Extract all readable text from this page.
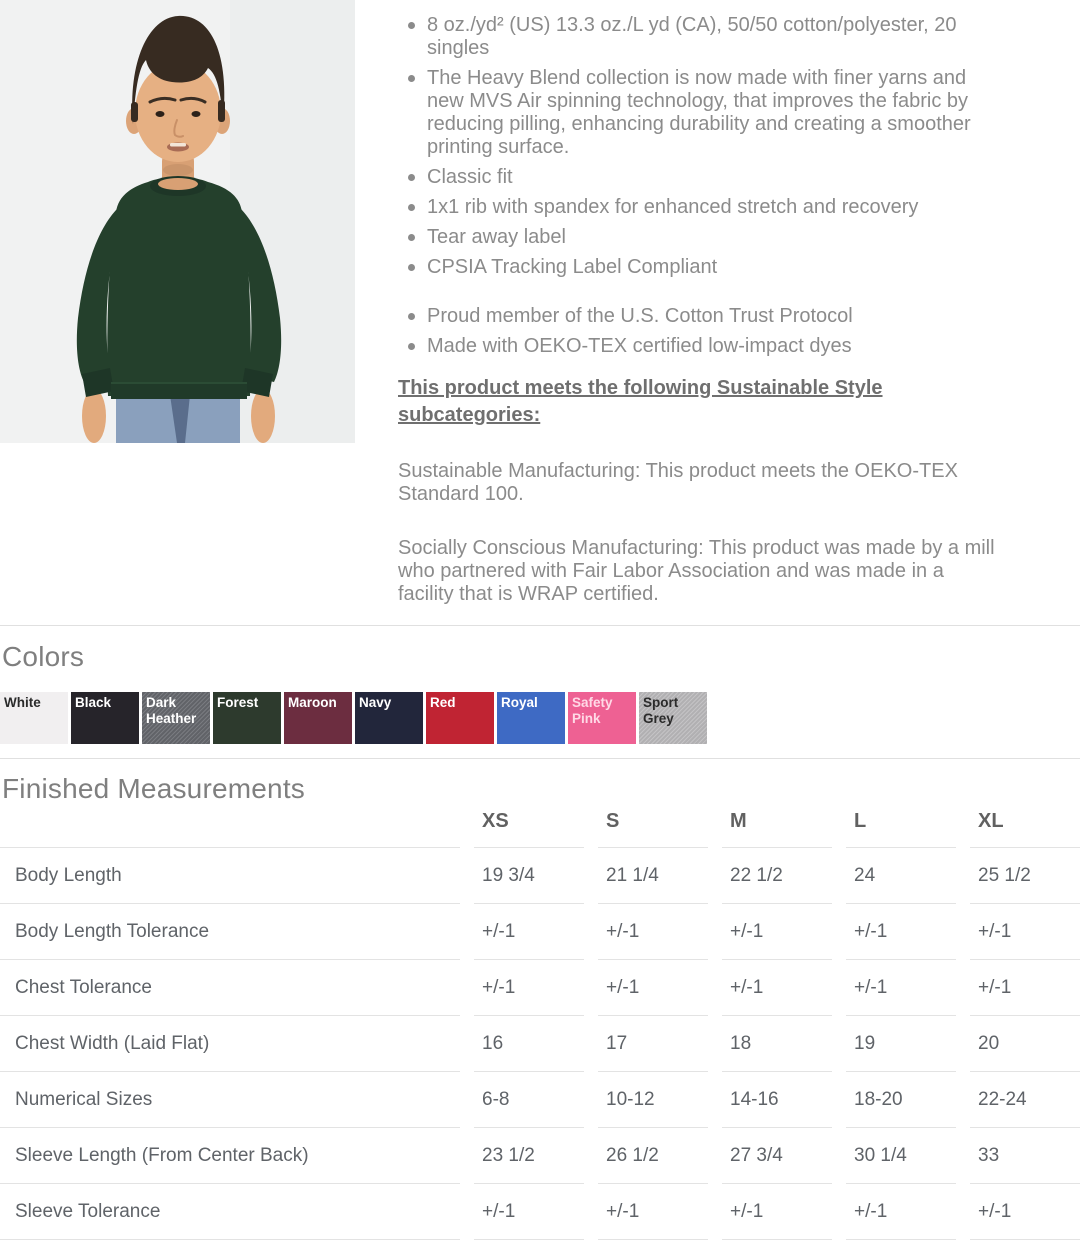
8 oz./yd² (US) 13.3 oz./L yd (CA), 50/50 cotton/polyester, 20 singles
The Heavy Blend collection is now made with finer yarns and new MVS Air spinning technology, that improves the fabric by reducing pilling, enhancing durability and creating a smoother printing surface.
Classic fit
1x1 rib with spandex for enhanced stretch and recovery
Tear away label
CPSIA Tracking Label Compliant
Proud member of the U.S. Cotton Trust Protocol
Made with OEKO-TEX certified low-impact dyes
This product meets the following Sustainable Style subcategories:

Sustainable Manufacturing: This product meets the OEKO-TEX Standard 100.

Socially Conscious Manufacturing: This product was made by a mill who partnered with Fair Labor Association and was made in a facility that is WRAP certified.

Colors
White	Black	Dark Heather
Forest	Maroon	Navy	Red	Royal	Safety Pink
Sport Grey
Finished Measurements
	XS	S	M	L	XL
Body Length	19 3/4	21 1/4	22 1/2	24	25 1/2
Body Length Tolerance	+/-1	+/-1	+/-1	+/-1	+/-1
Chest Tolerance	+/-1	+/-1	+/-1	+/-1	+/-1
Chest Width (Laid Flat)	16	17	18	19	20
Numerical Sizes	6-8	10-12	14-16	18-20	22-24
Sleeve Length (From Center Back)	23 1/2	26 1/2	27 3/4	30 1/4	33
Sleeve Tolerance	+/-1	+/-1	+/-1	+/-1	+/-1
